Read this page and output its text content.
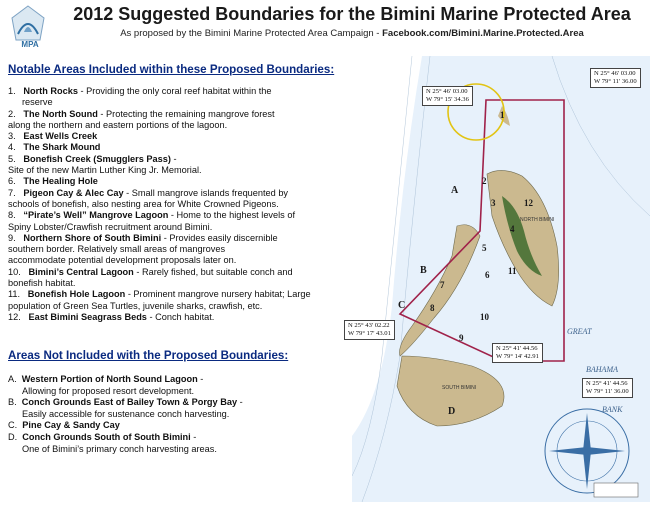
MPA
2012 Suggested Boundaries for the Bimini Marine Protected Area
As proposed by the Bimini Marine Protected Area Campaign - Facebook.com/Bimini.Marine.Protected.Area
Notable Areas Included within these Proposed Boundaries:
1. North Rocks - Providing the only coral reef habitat within the
reserve
2. The North Sound - Protecting the remaining mangrove forest
along the northern and eastern portions of the lagoon.
3. East Wells Creek
4. The Shark Mound
5. Bonefish Creek (Smugglers Pass) -
Site of the new Martin Luther King Jr. Memorial.
6. The Healing Hole
7. Pigeon Cay & Alec Cay - Small mangrove islands frequented by
schools of bonefish, also nesting area for White Crowned Pigeons.
8. “Pirate’s Well” Mangrove Lagoon - Home to the highest levels of
Spiny Lobster/Crawfish recruitment around Bimini.
9. Northern Shore of South Bimini - Provides easily discernible
southern border. Relatively small areas of mangroves
accommodate potential development proposals later on.
10. Bimini’s Central Lagoon - Rarely fished, but suitable conch and
bonefish habitat.
11. Bonefish Hole Lagoon - Prominent mangrove nursery habitat; Large
population of Green Sea Turtles, juvenile sharks, crawfish, etc.
12. East Bimini Seagrass Beds - Conch habitat.
Areas Not Included with the Proposed Boundaries:
A. Western Portion of North Sound Lagoon -
Allowing for proposed resort development.
B. Conch Grounds East of Bailey Town & Porgy Bay -
Easily accessible for sustenance conch harvesting.
C. Pine Cay & Sandy Cay
D. Conch Grounds South of South Bimini -
One of Bimini’s primary conch harvesting areas.
1
2
3
4
5
6
7
8
9
10
11
12
A
B
C
D
NORTH BIMINI
SOUTH BIMINI
GREAT
BAHAMA
BANK
N 25° 46' 03.00
W 79° 15' 34.36
N 25° 46' 03.00
W 79° 11' 36.00
N 25° 43' 02.22
W 79° 17' 43.01
N 25° 41' 44.56
W 79° 14' 42.91
N 25° 41' 44.56
W 79° 11' 36.00
